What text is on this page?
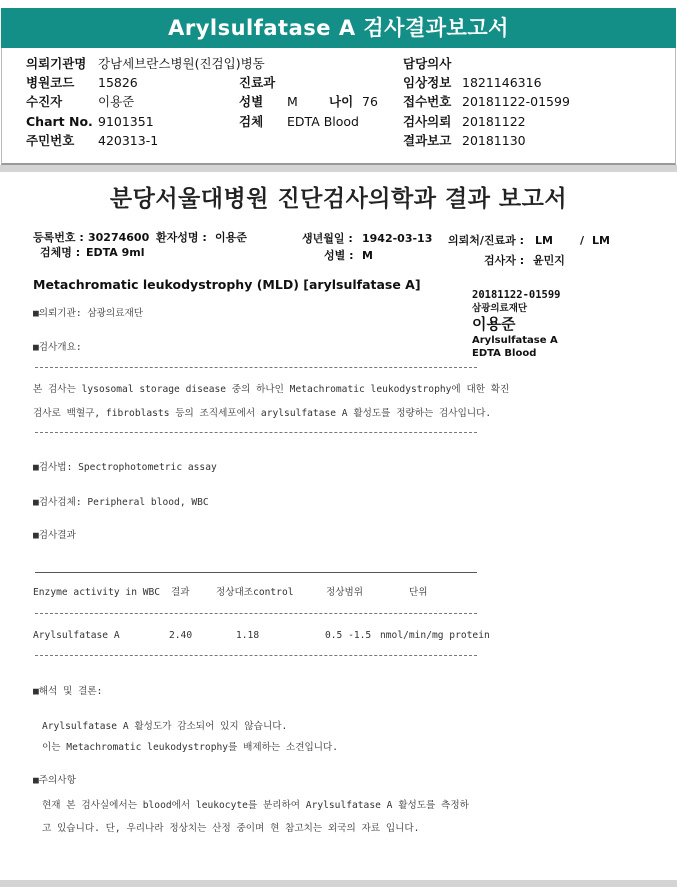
Arylsulfatase A 검사결과보고서
의뢰기관명 강남세브란스병원(진검입)병동	담당의사
병원코드 15826	진료과	임상정보 1821146316
수진자	이용준	성별 M 나이 76 접수번호 20181122-01599
Chart No. 9101351	검체 EDTA Blood	검사의뢰 20181122
주민번호 420313-1	결과보고 20181130
분당서울대병원 진단검사의학과 결과 보고서
등록번호 : 30274600 환자성명 : 이용준	생년월일 : 1942-03-13 의뢰처/진료과 : LM / LM
검체명 : EDTA 9ml	성별 : M	검사자 : 윤민지
Metachromatic leukodystrophy (MLD) [arylsulfatase A]
20181122-01599
삼광의료재단
이용준
Arylsulfatase A
EDTA Blood
■의뢰기관: 삼광의료재단
■검사개요:
본 검사는 lysosomal storage disease 중의 하나인 Metachromatic leukodystrophy에 대한 확진
검사로 백혈구, fibroblasts 등의 조직세포에서 arylsulfatase A 활성도를 정량하는 검사입니다.
■검사법: Spectrophotometric assay
■검사검체: Peripheral blood, WBC
■검사결과
Enzyme activity in WBC 결과	정상대조control	정상범위	단위
Arylsulfatase A	2.40	1.18	0.5 -1.5 nmol/min/mg protein
■해석 및 결론:
Arylsulfatase A 활성도가 감소되어 있지 않습니다.
이는 Metachromatic leukodystrophy를 배제하는 소견입니다.
■주의사항
현재 본 검사실에서는 blood에서 leukocyte를 분리하여 Arylsulfatase A 활성도를 측정하
고 있습니다. 단, 우리나라 정상치는 산정 중이며 현 참고치는 외국의 자료 입니다.
